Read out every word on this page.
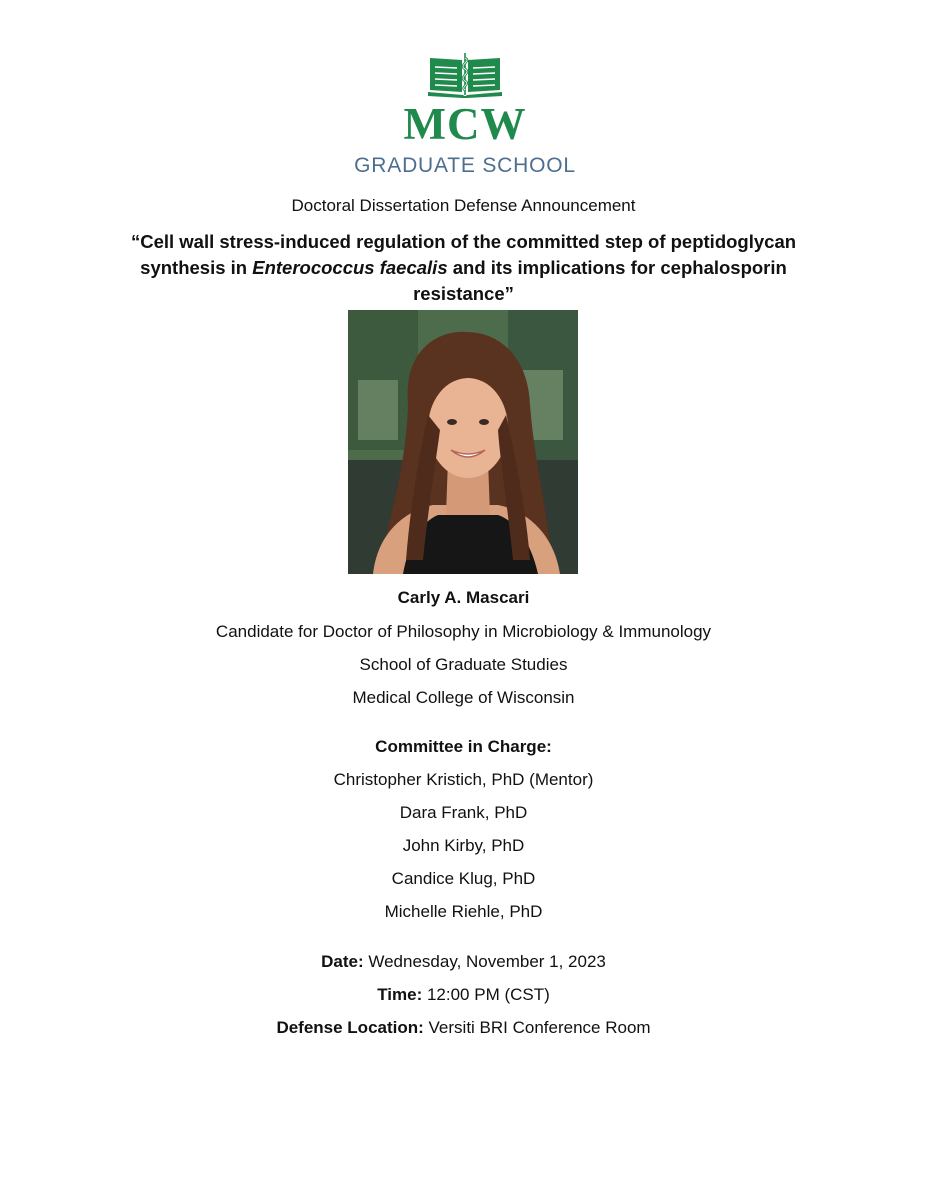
MCW
GRADUATE SCHOOL
Doctoral Dissertation Defense Announcement
“Cell wall stress-induced regulation of the committed step of peptidoglycan synthesis in Enterococcus faecalis and its implications for cephalosporin resistance”
Carly A. Mascari
Candidate for Doctor of Philosophy in Microbiology & Immunology
School of Graduate Studies
Medical College of Wisconsin
Committee in Charge:
Christopher Kristich, PhD (Mentor)
Dara Frank, PhD
John Kirby, PhD
Candice Klug, PhD
Michelle Riehle, PhD
Date: Wednesday, November 1, 2023
Time: 12:00 PM (CST)
Defense Location: Versiti BRI Conference Room
